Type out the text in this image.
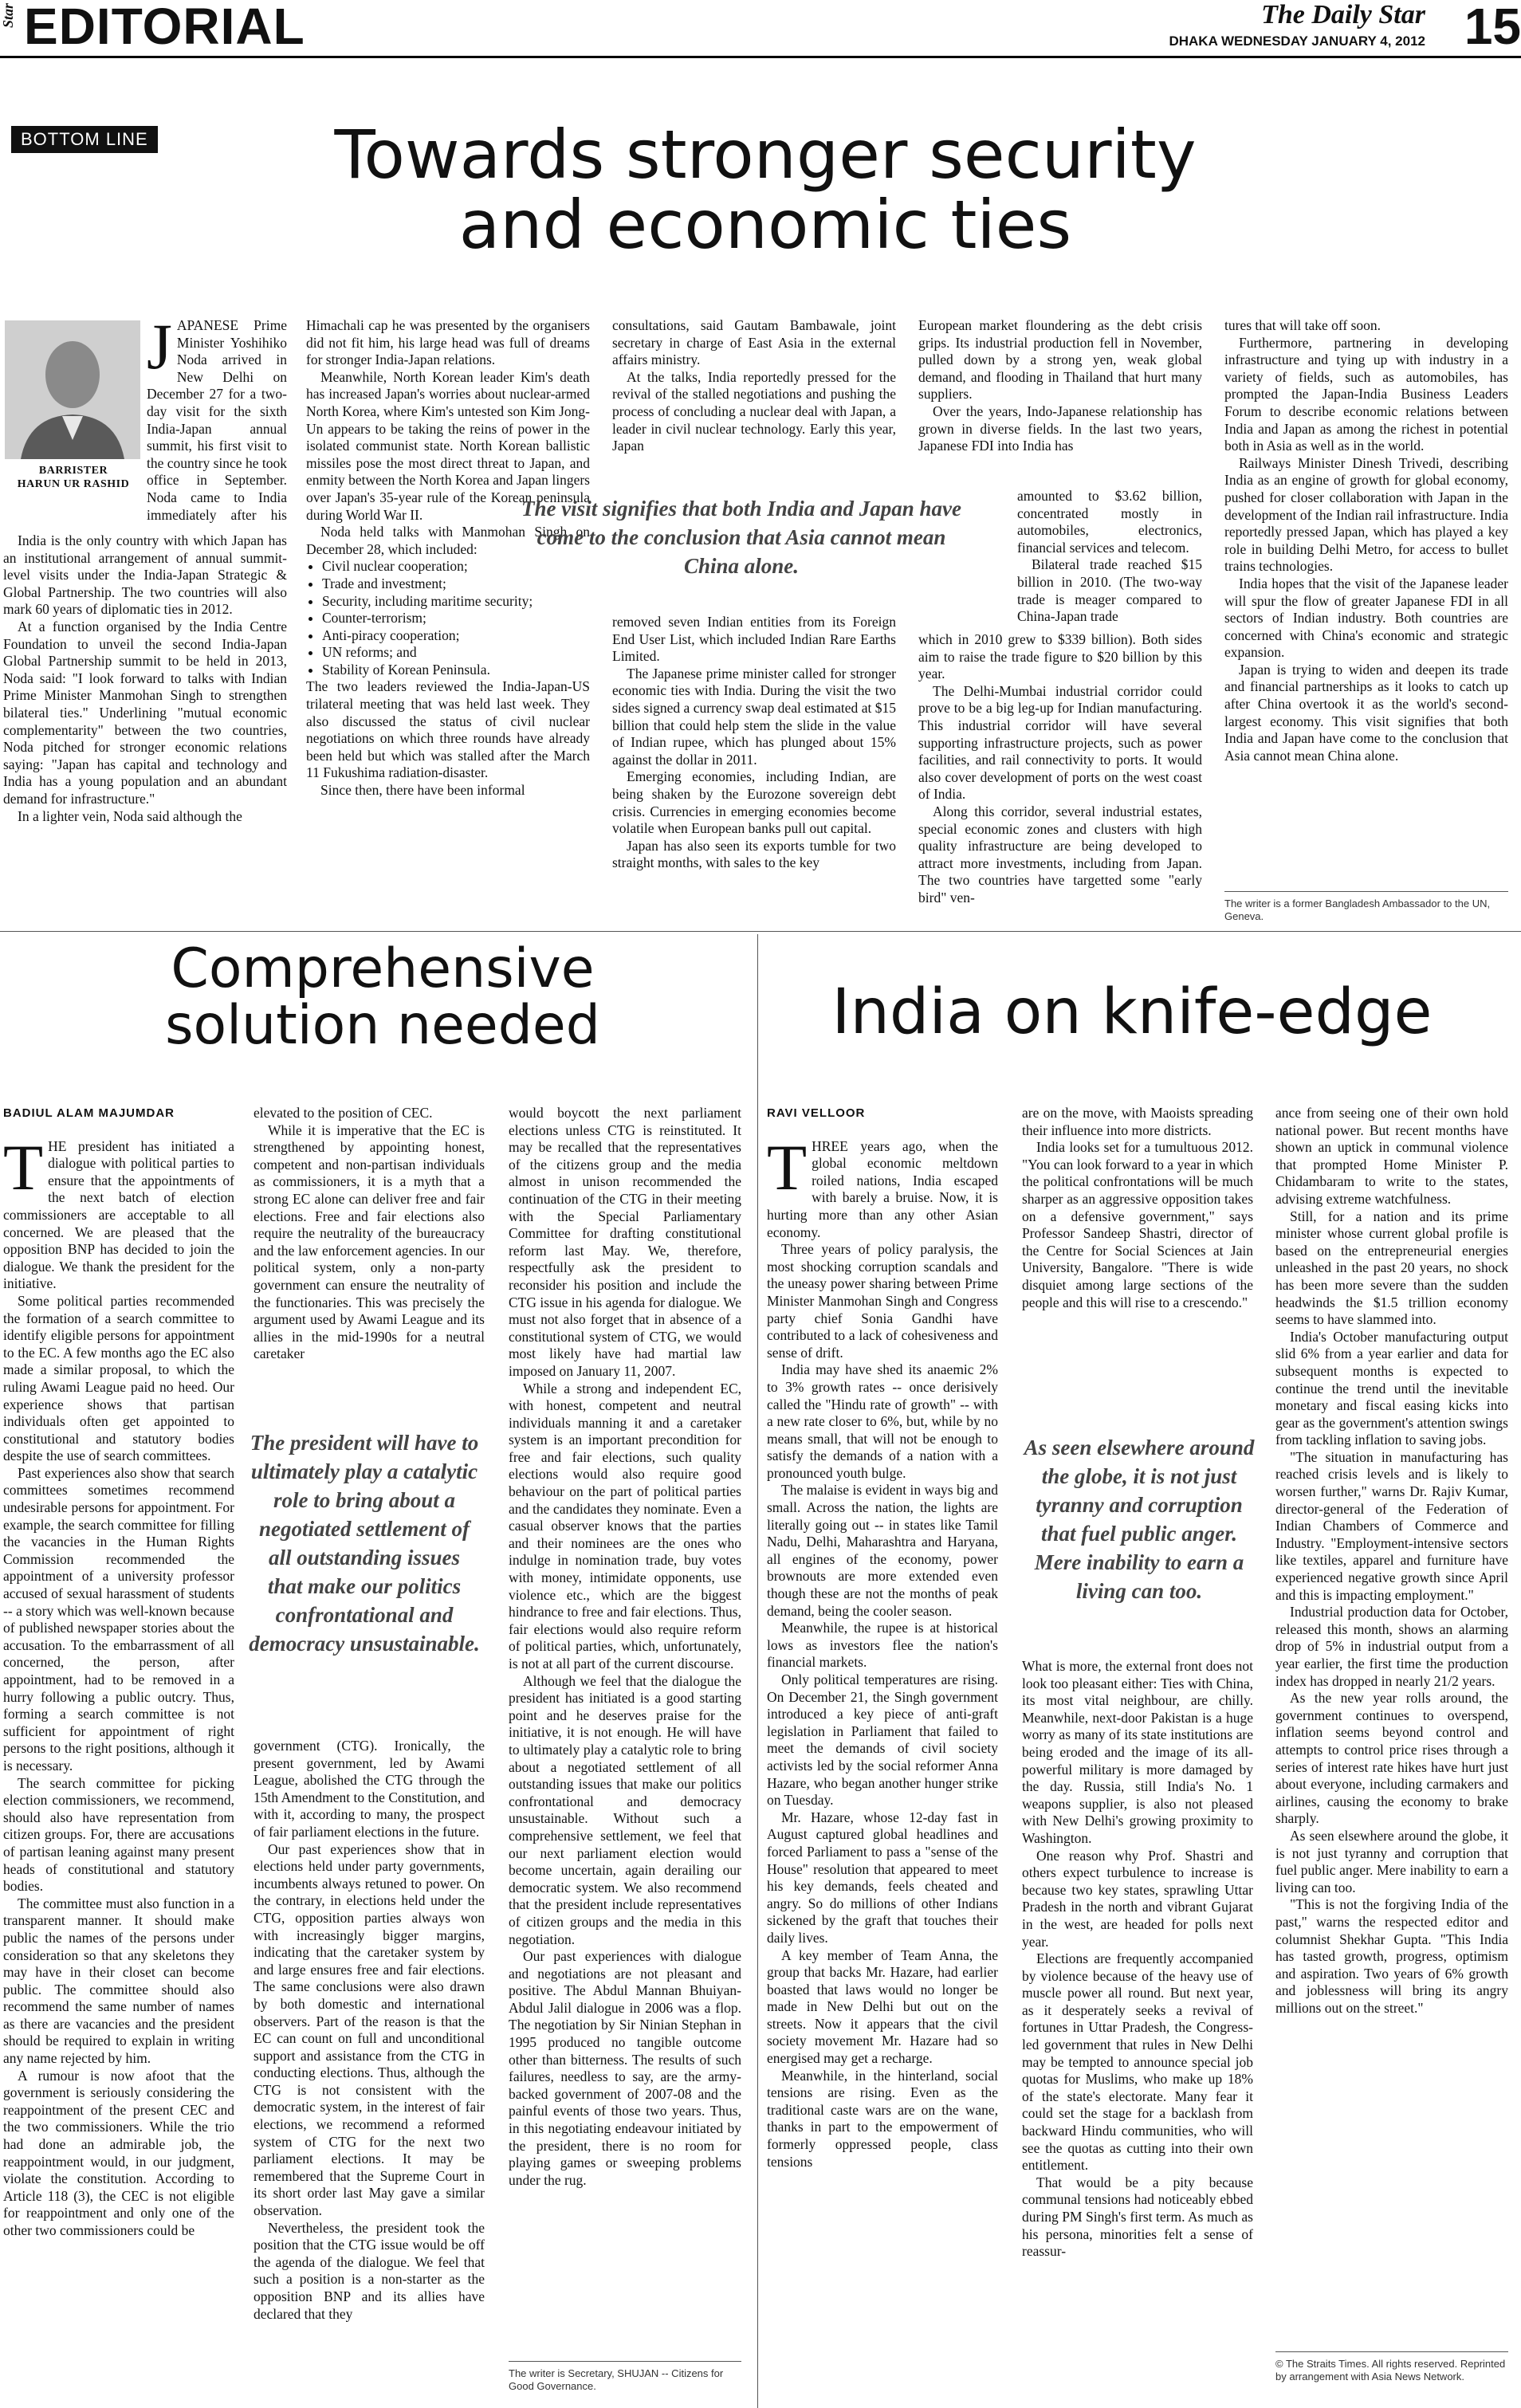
Star EDITORIAL	The Daily Star
DHAKA WEDNESDAY JANUARY 4, 2012 15
BOTTOM LINE	Towards stronger security and economic ties
BARRISTER
HARUN UR RASHID

JAPANESE Prime Minister Yoshihiko Noda arrived in New Delhi on December 27 for a two-day visit for the sixth India-Japan annual summit, his first visit to the country since he took office in September. Noda came to India immediately after his

India is the only country with which Japan has an institutional arrangement of annual summit-level visits under the India-Japan Strategic & Global Partnership. The two countries will also mark 60 years of diplomatic ties in 2012.

At a function organised by the India Centre Foundation to unveil the second India-Japan Global Partnership summit to be held in 2013, Noda said: "I look forward to talks with Indian Prime Minister Manmohan Singh to strengthen bilateral ties." Underlining "mutual economic complementarity" between the two countries, Noda pitched for stronger economic relations saying: "Japan has capital and technology and India has a young population and an abundant demand for infrastructure."

In a lighter vein, Noda said although the

Himachali cap he was presented by the organisers did not fit him, his large head was full of dreams for stronger India-Japan relations.

Meanwhile, North Korean leader Kim's death has increased Japan's worries about nuclear-armed North Korea, where Kim's untested son Kim Jong-Un appears to be taking the reins of power in the isolated communist state. North Korean ballistic missiles pose the most direct threat to Japan, and enmity between the North Korea and Japan lingers over Japan's 35-year rule of the Korean peninsula during World War II.

Noda held talks with Manmohan Singh on December 28, which included:

• Civil nuclear cooperation;
• Trade and investment;
• Security, including maritime security;
• Counter-terrorism;
• Anti-piracy cooperation;
• UN reforms; and
• Stability of Korean Peninsula.

The two leaders reviewed the India-Japan-US trilateral meeting that was held last week. They also discussed the status of civil nuclear negotiations on which three rounds have already been held but which was stalled after the March 11 Fukushima radiation-disaster.

Since then, there have been informal

consultations, said Gautam Bambawale, joint secretary in charge of East Asia in the external affairs ministry.

At the talks, India reportedly pressed for the revival of the stalled negotiations and pushing the process of concluding a nuclear deal with Japan, a leader in civil nuclear technology. Early this year, Japan

The visit signifies that both India and Japan have come to the conclusion that Asia cannot mean China alone.

removed seven Indian entities from its Foreign End User List, which included Indian Rare Earths Limited.

The Japanese prime minister called for stronger economic ties with India. During the visit the two sides signed a currency swap deal estimated at $15 billion that could help stem the slide in the value of Indian rupee, which has plunged about 15% against the dollar in 2011.

Emerging economies, including Indian, are being shaken by the Eurozone sovereign debt crisis. Currencies in emerging economies become volatile when European banks pull out capital.

Japan has also seen its exports tumble for two straight months, with sales to the key

European market floundering as the debt crisis grips. Its industrial production fell in November, pulled down by a strong yen, weak global demand, and flooding in Thailand that hurt many suppliers.

Over the years, Indo-Japanese relationship has grown in diverse fields. In the last two years, Japanese FDI into India has

amounted to $3.62 billion, concentrated mostly in automobiles, electronics, financial services and telecom.

Bilateral trade reached $15 billion in 2010. (The two-way trade is meager compared to China-Japan trade

which in 2010 grew to $339 billion). Both sides aim to raise the trade figure to $20 billion by this year.

The Delhi-Mumbai industrial corridor could prove to be a big leg-up for Indian manufacturing. This industrial corridor will have several supporting infrastructure projects, such as power facilities, and rail connectivity to ports. It would also cover development of ports on the west coast of India.

Along this corridor, several industrial estates, special economic zones and clusters with high quality infrastructure are being developed to attract more investments, including from Japan. The two countries have targetted some "early bird" ven-

tures that will take off soon.

Furthermore, partnering in developing infrastructure and tying up with industry in a variety of fields, such as automobiles, has prompted the Japan-India Business Leaders Forum to describe economic relations between India and Japan as among the richest in potential both in Asia as well as in the world.

Railways Minister Dinesh Trivedi, describing India as an engine of growth for global economy, pushed for closer collaboration with Japan in the development of the Indian rail infrastructure. India reportedly pressed Japan, which has played a key role in building Delhi Metro, for access to bullet trains technologies.

India hopes that the visit of the Japanese leader will spur the flow of greater Japanese FDI in all sectors of Indian industry. Both countries are concerned with China's economic and strategic expansion.

Japan is trying to widen and deepen its trade and financial partnerships as it looks to catch up after China overtook it as the world's second-largest economy. This visit signifies that both India and Japan have come to the conclusion that Asia cannot mean China alone.

The writer is a former Bangladesh Ambassador to the UN, Geneva.
Comprehensive solution needed
BADIUL ALAM MAJUMDAR

THE president has initiated a dialogue with political parties to ensure that the appointments of the next batch of election commissioners are acceptable to all concerned. We are pleased that the opposition BNP has decided to join the dialogue. We thank the president for the initiative.

Some political parties recommended the formation of a search committee to identify eligible persons for appointment to the EC. A few months ago the EC also made a similar proposal, to which the ruling Awami League paid no heed. Our experience shows that partisan individuals often get appointed to constitutional and statutory bodies despite the use of search committees.

Past experiences also show that search committees sometimes recommend undesirable persons for appointment. For example, the search committee for filling the vacancies in the Human Rights Commission recommended the appointment of a university professor accused of sexual harassment of students -- a story which was well-known because of published newspaper stories about the accusation. To the embarrassment of all concerned, the person, after appointment, had to be removed in a hurry following a public outcry. Thus, forming a search committee is not sufficient for appointment of right persons to the right positions, although it is necessary.

The search committee for picking election commissioners, we recommend, should also have representation from citizen groups. For, there are accusations of partisan leaning against many present heads of constitutional and statutory bodies.

The committee must also function in a transparent manner. It should make public the names of the persons under consideration so that any skeletons they may have in their closet can become public. The committee should also recommend the same number of names as there are vacancies and the president should be required to explain in writing any name rejected by him.

A rumour is now afoot that the government is seriously considering the reappointment of the present CEC and the two commissioners. While the trio had done an admirable job, the reappointment would, in our judgment, violate the constitution. According to Article 118 (3), the CEC is not eligible for reappointment and only one of the other two commissioners could be

elevated to the position of CEC.

While it is imperative that the EC is strengthened by appointing honest, competent and non-partisan individuals as commissioners, it is a myth that a strong EC alone can deliver free and fair elections. Free and fair elections also require the neutrality of the bureaucracy and the law enforcement agencies. In our political system, only a non-party government can ensure the neutrality of the functionaries. This was precisely the argument used by Awami League and its allies in the mid-1990s for a neutral caretaker

The president will have to ultimately play a catalytic role to bring about a negotiated settlement of all outstanding issues that make our politics confrontational and democracy unsustainable.

government (CTG). Ironically, the present government, led by Awami League, abolished the CTG through the 15th Amendment to the Constitution, and with it, according to many, the prospect of fair parliament elections in the future.

Our past experiences show that in elections held under party governments, incumbents always retuned to power. On the contrary, in elections held under the CTG, opposition parties always won with increasingly bigger margins, indicating that the caretaker system by and large ensures free and fair elections. The same conclusions were also drawn by both domestic and international observers. Part of the reason is that the EC can count on full and unconditional support and assistance from the CTG in conducting elections. Thus, although the CTG is not consistent with the democratic system, in the interest of fair elections, we recommend a reformed system of CTG for the next two parliament elections. It may be remembered that the Supreme Court in its short order last May gave a similar observation.

Nevertheless, the president took the position that the CTG issue would be off the agenda of the dialogue. We feel that such a position is a non-starter as the opposition BNP and its allies have declared that they

would boycott the next parliament elections unless CTG is reinstituted. It may be recalled that the representatives of the citizens group and the media almost in unison recommended the continuation of the CTG in their meeting with the Special Parliamentary Committee for drafting constitutional reform last May. We, therefore, respectfully ask the president to reconsider his position and include the CTG issue in his agenda for dialogue. We must not also forget that in absence of a constitutional system of CTG, we would most likely have had martial law imposed on January 11, 2007.

While a strong and independent EC, with honest, competent and neutral individuals manning it and a caretaker system is an important precondition for free and fair elections, such quality elections would also require good behaviour on the part of political parties and the candidates they nominate. Even a casual observer knows that the parties and their nominees are the ones who indulge in nomination trade, buy votes with money, intimidate opponents, use violence etc., which are the biggest hindrance to free and fair elections. Thus, fair elections would also require reform of political parties, which, unfortunately, is not at all part of the current discourse.

Although we feel that the dialogue the president has initiated is a good starting point and he deserves praise for the initiative, it is not enough. He will have to ultimately play a catalytic role to bring about a negotiated settlement of all outstanding issues that make our politics confrontational and democracy unsustainable. Without such a comprehensive settlement, we feel that our next parliament election would become uncertain, again derailing our democratic system. We also recommend that the president include representatives of citizen groups and the media in this negotiation.

Our past experiences with dialogue and negotiations are not pleasant and positive. The Abdul Mannan Bhuiyan-Abdul Jalil dialogue in 2006 was a flop. The negotiation by Sir Ninian Stephan in 1995 produced no tangible outcome other than bitterness. The results of such failures, needless to say, are the army-backed government of 2007-08 and the painful events of those two years. Thus, in this negotiating endeavour initiated by the president, there is no room for playing games or sweeping problems under the rug.

The writer is Secretary, SHUJAN -- Citizens for Good Governance.
India on knife-edge
RAVI VELLOOR

THREE years ago, when the global economic meltdown roiled nations, India escaped with barely a bruise. Now, it is hurting more than any other Asian economy.

Three years of policy paralysis, the most shocking corruption scandals and the uneasy power sharing between Prime Minister Manmohan Singh and Congress party chief Sonia Gandhi have contributed to a lack of cohesiveness and sense of drift.

India may have shed its anaemic 2% to 3% growth rates -- once derisively called the "Hindu rate of growth" -- with a new rate closer to 6%, but, while by no means small, that will not be enough to satisfy the demands of a nation with a pronounced youth bulge.

The malaise is evident in ways big and small. Across the nation, the lights are literally going out -- in states like Tamil Nadu, Delhi, Maharashtra and Haryana, all engines of the economy, power brownouts are more extended even though these are not the months of peak demand, being the cooler season.

Meanwhile, the rupee is at historical lows as investors flee the nation's financial markets.

Only political temperatures are rising. On December 21, the Singh government introduced a key piece of anti-graft legislation in Parliament that failed to meet the demands of civil society activists led by the social reformer Anna Hazare, who began another hunger strike on Tuesday.

Mr. Hazare, whose 12-day fast in August captured global headlines and forced Parliament to pass a "sense of the House" resolution that appeared to meet his key demands, feels cheated and angry. So do millions of other Indians sickened by the graft that touches their daily lives.

A key member of Team Anna, the group that backs Mr. Hazare, had earlier boasted that laws would no longer be made in New Delhi but out on the streets. Now it appears that the civil society movement Mr. Hazare had so energised may get a recharge.

Meanwhile, in the hinterland, social tensions are rising. Even as the traditional caste wars are on the wane, thanks in part to the empowerment of formerly oppressed people, class tensions

are on the move, with Maoists spreading their influence into more districts.

India looks set for a tumultuous 2012. "You can look forward to a year in which the political confrontations will be much sharper as an aggressive opposition takes on a defensive government," says Professor Sandeep Shastri, director of the Centre for Social Sciences at Jain University, Bangalore. "There is wide disquiet among large sections of the people and this will rise to a crescendo."

As seen elsewhere around the globe, it is not just tyranny and corruption that fuel public anger. Mere inability to earn a living can too.

What is more, the external front does not look too pleasant either: Ties with China, its most vital neighbour, are chilly. Meanwhile, next-door Pakistan is a huge worry as many of its state institutions are being eroded and the image of its all-powerful military is more damaged by the day. Russia, still India's No. 1 weapons supplier, is also not pleased with New Delhi's growing proximity to Washington.

One reason why Prof. Shastri and others expect turbulence to increase is because two key states, sprawling Uttar Pradesh in the north and vibrant Gujarat in the west, are headed for polls next year.

Elections are frequently accompanied by violence because of the heavy use of muscle power all round. But next year, as it desperately seeks a revival of fortunes in Uttar Pradesh, the Congress-led government that rules in New Delhi may be tempted to announce special job quotas for Muslims, who make up 18% of the state's electorate. Many fear it could set the stage for a backlash from backward Hindu communities, who will see the quotas as cutting into their own entitlement.

That would be a pity because communal tensions had noticeably ebbed during PM Singh's first term. As much as his persona, minorities felt a sense of reassur-

ance from seeing one of their own hold national power. But recent months have shown an uptick in communal violence that prompted Home Minister P. Chidambaram to write to the states, advising extreme watchfulness.

Still, for a nation and its prime minister whose current global profile is based on the entrepreneurial energies unleashed in the past 20 years, no shock has been more severe than the sudden headwinds the $1.5 trillion economy seems to have slammed into.

India's October manufacturing output slid 6% from a year earlier and data for subsequent months is expected to continue the trend until the inevitable monetary and fiscal easing kicks into gear as the government's attention swings from tackling inflation to saving jobs.

"The situation in manufacturing has reached crisis levels and is likely to worsen further," warns Dr. Rajiv Kumar, director-general of the Federation of Indian Chambers of Commerce and Industry. "Employment-intensive sectors like textiles, apparel and furniture have experienced negative growth since April and this is impacting employment."

Industrial production data for October, released this month, shows an alarming drop of 5% in industrial output from a year earlier, the first time the production index has dropped in nearly 21/2 years.

As the new year rolls around, the government continues to overspend, inflation seems beyond control and attempts to control price rises through a series of interest rate hikes have hurt just about everyone, including carmakers and airlines, causing the economy to brake sharply.

As seen elsewhere around the globe, it is not just tyranny and corruption that fuel public anger. Mere inability to earn a living can too.

"This is not the forgiving India of the past," warns the respected editor and columnist Shekhar Gupta. "This India has tasted growth, progress, optimism and aspiration. Two years of 6% growth and joblessness will bring its angry millions out on the street."

© The Straits Times. All rights reserved. Reprinted by arrangement with Asia News Network.
